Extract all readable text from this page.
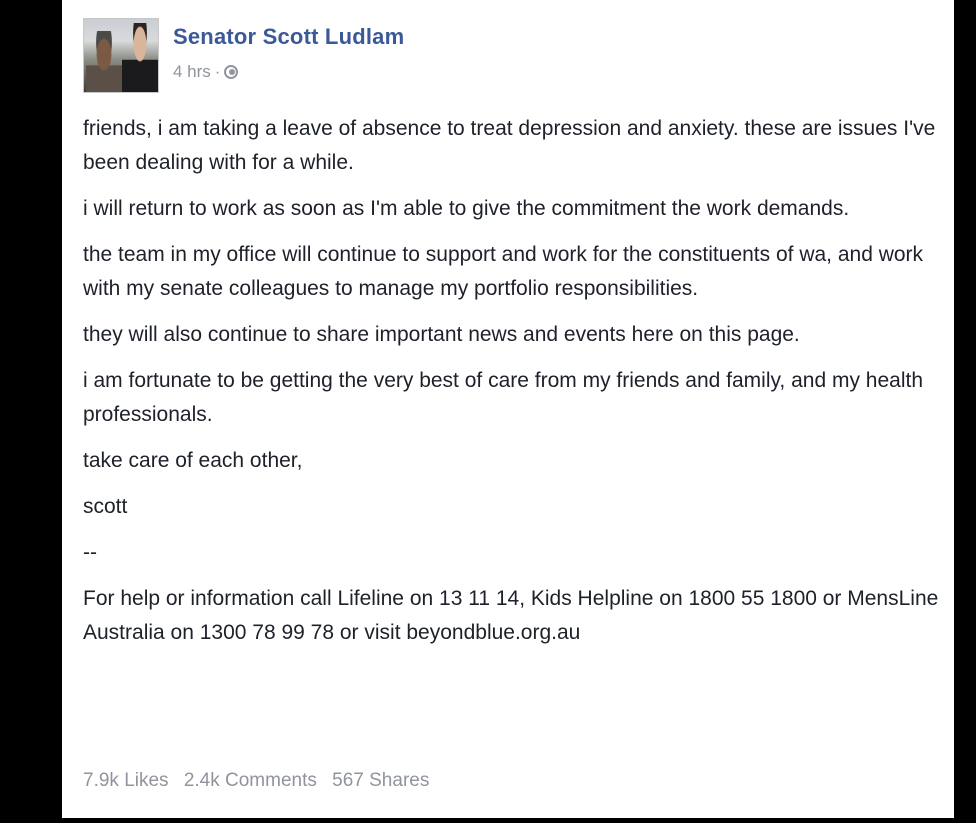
Senator Scott Ludlam
4 hrs ·

friends, i am taking a leave of absence to treat depression and anxiety. these are issues I've been dealing with for a while.

i will return to work as soon as I'm able to give the commitment the work demands.

the team in my office will continue to support and work for the constituents of wa, and work with my senate colleagues to manage my portfolio responsibilities.

they will also continue to share important news and events here on this page.

i am fortunate to be getting the very best of care from my friends and family, and my health professionals.

take care of each other,

scott

--

For help or information call Lifeline on 13 11 14, Kids Helpline on 1800 55 1800 or MensLine Australia on 1300 78 99 78 or visit beyondblue.org.au

7.9k Likes 2.4k Comments 567 Shares
